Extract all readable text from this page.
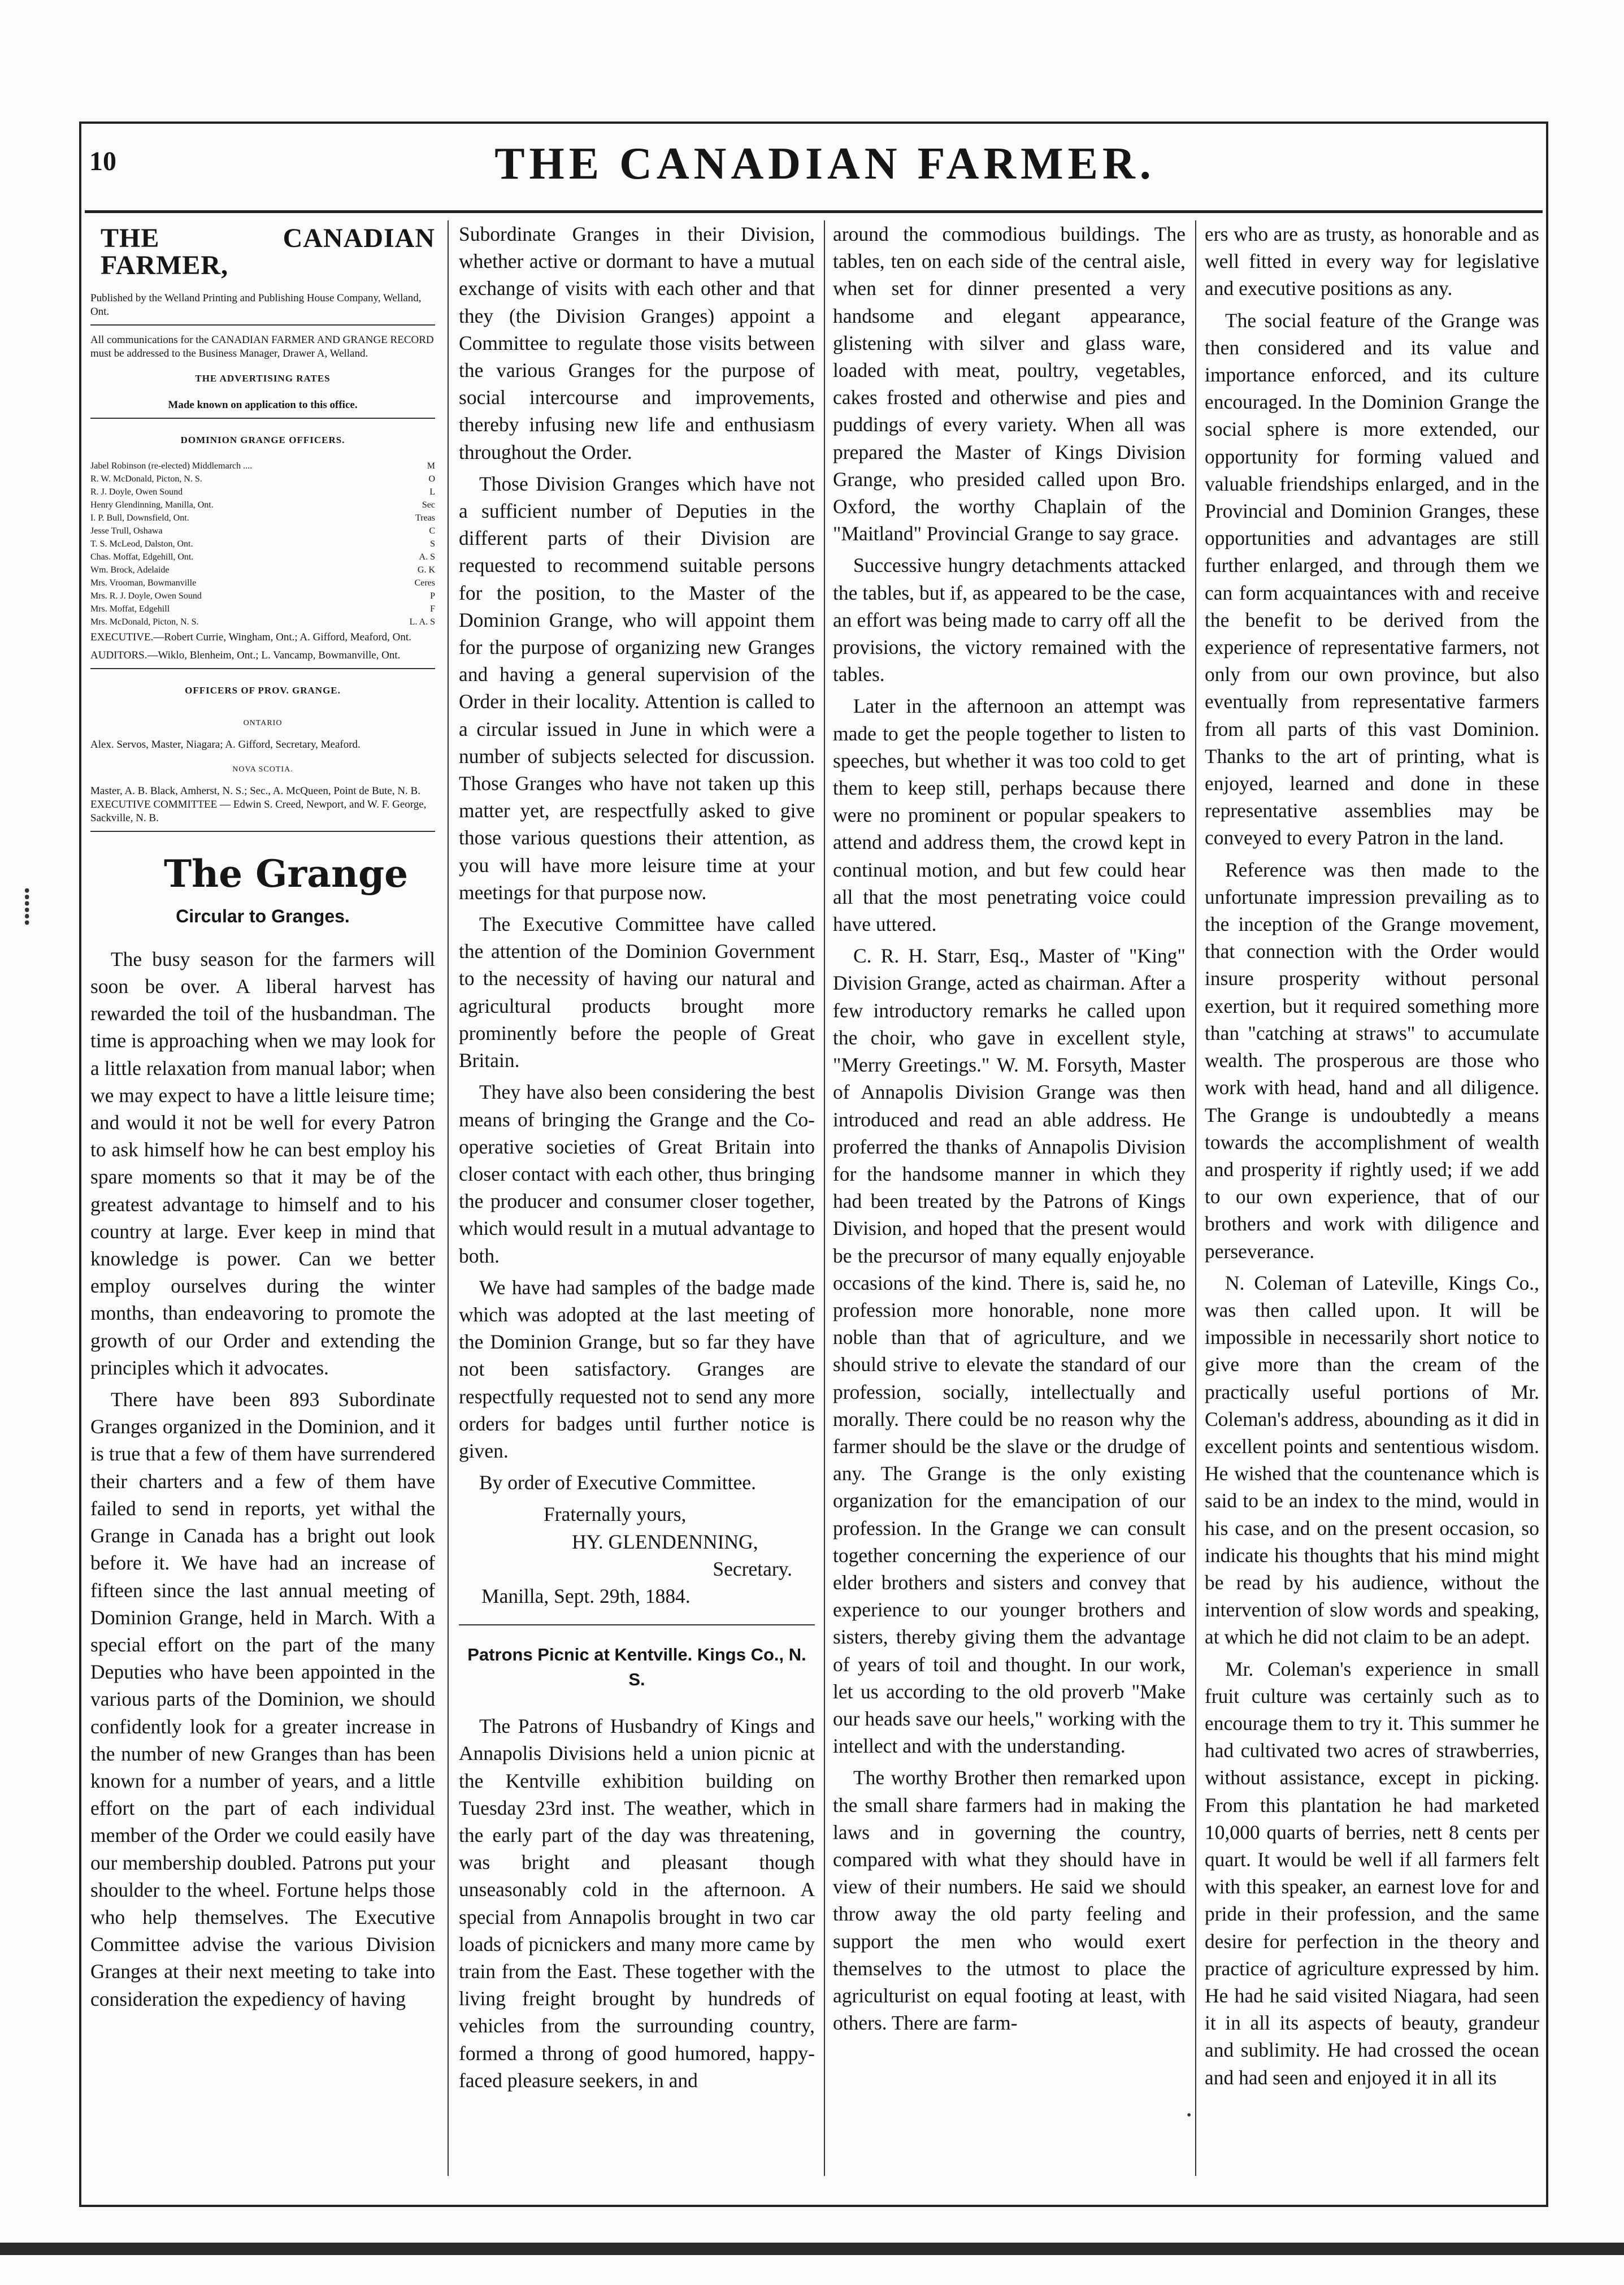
10	THE CANADIAN FARMER.
THE CANADIAN FARMER,

Published by the Welland Printing and Publishing House Company, Welland, Ont.

All communications for the CANADIAN FARMER AND GRANGE RECORD must be addressed to the Business Manager, Drawer A, Welland.

THE ADVERTISING RATES

Made known on application to this office.

DOMINION GRANGE OFFICERS.
Jabel Robinson (re-elected) Middlemarch ....	M
R. W. McDonald, Picton, N. S.	O
R. J. Doyle, Owen Sound	L
Henry Glendinning, Manilla, Ont.	Sec
I. P. Bull, Downsfield, Ont.	Treas
Jesse Trull, Oshawa	C
T. S. McLeod, Dalston, Ont.	S
Chas. Moffat, Edgehill, Ont.	A. S
Wm. Brock, Adelaide	G. K
Mrs. Vrooman, Bowmanville	Ceres
Mrs. R. J. Doyle, Owen Sound	P
Mrs. Moffat, Edgehill	F
Mrs. McDonald, Picton, N. S.	L. A. S

EXECUTIVE.—Robert Currie, Wingham, Ont.; A. Gifford, Meaford, Ont.

AUDITORS.—Wiklo, Blenheim, Ont.; L. Vancamp, Bowmanville, Ont.

OFFICERS OF PROV. GRANGE.
ONTARIO

Alex. Servos, Master, Niagara; A. Gifford, Secretary, Meaford.

NOVA SCOTIA.

Master, A. B. Black, Amherst, N. S.; Sec., A. McQueen, Point de Bute, N. B. EXECUTIVE COMMITTEE — Edwin S. Creed, Newport, and W. F. George, Sackville, N. B.

The Grange
Circular to Granges.

The busy season for the farmers will soon be over. A liberal harvest has rewarded the toil of the husbandman. The time is approaching when we may look for a little relaxation from manual labor; when we may expect to have a little leisure time; and would it not be well for every Patron to ask himself how he can best employ his spare moments so that it may be of the greatest advantage to himself and to his country at large. Ever keep in mind that knowledge is power. Can we better employ ourselves during the winter months, than endeavoring to promote the growth of our Order and extending the principles which it advocates.

There have been 893 Subordinate Granges organized in the Dominion, and it is true that a few of them have surrendered their charters and a few of them have failed to send in reports, yet withal the Grange in Canada has a bright out look before it. We have had an increase of fifteen since the last annual meeting of Dominion Grange, held in March. With a special effort on the part of the many Deputies who have been appointed in the various parts of the Dominion, we should confidently look for a greater increase in the number of new Granges than has been known for a number of years, and a little effort on the part of each individual member of the Order we could easily have our membership doubled. Patrons put your shoulder to the wheel. Fortune helps those who help themselves. The Executive Committee advise the various Division Granges at their next meeting to take into consideration the expediency of having

Subordinate Granges in their Division, whether active or dormant to have a mutual exchange of visits with each other and that they (the Division Granges) appoint a Committee to regulate those visits between the various Granges for the purpose of social intercourse and improvements, thereby infusing new life and enthusiasm throughout the Order.

Those Division Granges which have not a sufficient number of Deputies in the different parts of their Division are requested to recommend suitable persons for the position, to the Master of the Dominion Grange, who will appoint them for the purpose of organizing new Granges and having a general supervision of the Order in their locality. Attention is called to a circular issued in June in which were a number of subjects selected for discussion. Those Granges who have not taken up this matter yet, are respectfully asked to give those various questions their attention, as you will have more leisure time at your meetings for that purpose now.

The Executive Committee have called the attention of the Dominion Government to the necessity of having our natural and agricultural products brought more prominently before the people of Great Britain.

They have also been considering the best means of bringing the Grange and the Co-operative societies of Great Britain into closer contact with each other, thus bringing the producer and consumer closer together, which would result in a mutual advantage to both.

We have had samples of the badge made which was adopted at the last meeting of the Dominion Grange, but so far they have not been satisfactory. Granges are respectfully requested not to send any more orders for badges until further notice is given.

By order of Executive Committee.

Fraternally yours,

HY. GLENDENNING,

Secretary.

Manilla, Sept. 29th, 1884.

Patrons Picnic at Kentville. Kings Co., N. S.

The Patrons of Husbandry of Kings and Annapolis Divisions held a union picnic at the Kentville exhibition building on Tuesday 23rd inst. The weather, which in the early part of the day was threatening, was bright and pleasant though unseasonably cold in the afternoon. A special from Annapolis brought in two car loads of picnickers and many more came by train from the East. These together with the living freight brought by hundreds of vehicles from the surrounding country, formed a throng of good humored, happy-faced pleasure seekers, in and

around the commodious buildings. The tables, ten on each side of the central aisle, when set for dinner presented a very handsome and elegant appearance, glistening with silver and glass ware, loaded with meat, poultry, vegetables, cakes frosted and otherwise and pies and puddings of every variety. When all was prepared the Master of Kings Division Grange, who presided called upon Bro. Oxford, the worthy Chaplain of the "Maitland" Provincial Grange to say grace.

Successive hungry detachments attacked the tables, but if, as appeared to be the case, an effort was being made to carry off all the provisions, the victory remained with the tables.

Later in the afternoon an attempt was made to get the people together to listen to speeches, but whether it was too cold to get them to keep still, perhaps because there were no prominent or popular speakers to attend and address them, the crowd kept in continual motion, and but few could hear all that the most penetrating voice could have uttered.

C. R. H. Starr, Esq., Master of "King" Division Grange, acted as chairman. After a few introductory remarks he called upon the choir, who gave in excellent style, "Merry Greetings." W. M. Forsyth, Master of Annapolis Division Grange was then introduced and read an able address. He proferred the thanks of Annapolis Division for the handsome manner in which they had been treated by the Patrons of Kings Division, and hoped that the present would be the precursor of many equally enjoyable occasions of the kind. There is, said he, no profession more honorable, none more noble than that of agriculture, and we should strive to elevate the standard of our profession, socially, intellectually and morally. There could be no reason why the farmer should be the slave or the drudge of any. The Grange is the only existing organization for the emancipation of our profession. In the Grange we can consult together concerning the experience of our elder brothers and sisters and convey that experience to our younger brothers and sisters, thereby giving them the advantage of years of toil and thought. In our work, let us according to the old proverb "Make our heads save our heels," working with the intellect and with the understanding.

The worthy Brother then remarked upon the small share farmers had in making the laws and in governing the country, compared with what they should have in view of their numbers. He said we should throw away the old party feeling and support the men who would exert themselves to the utmost to place the agriculturist on equal footing at least, with others. There are farm-

ers who are as trusty, as honorable and as well fitted in every way for legislative and executive positions as any.

The social feature of the Grange was then considered and its value and importance enforced, and its culture encouraged. In the Dominion Grange the social sphere is more extended, our opportunity for forming valued and valuable friendships enlarged, and in the Provincial and Dominion Granges, these opportunities and advantages are still further enlarged, and through them we can form acquaintances with and receive the benefit to be derived from the experience of representative farmers, not only from our own province, but also eventually from representative farmers from all parts of this vast Dominion. Thanks to the art of printing, what is enjoyed, learned and done in these representative assemblies may be conveyed to every Patron in the land.

Reference was then made to the unfortunate impression prevailing as to the inception of the Grange movement, that connection with the Order would insure prosperity without personal exertion, but it required something more than "catching at straws" to accumulate wealth. The prosperous are those who work with head, hand and all diligence. The Grange is undoubtedly a means towards the accomplishment of wealth and prosperity if rightly used; if we add to our own experience, that of our brothers and work with diligence and perseverance.

N. Coleman of Lateville, Kings Co., was then called upon. It will be impossible in necessarily short notice to give more than the cream of the practically useful portions of Mr. Coleman's address, abounding as it did in excellent points and sententious wisdom. He wished that the countenance which is said to be an index to the mind, would in his case, and on the present occasion, so indicate his thoughts that his mind might be read by his audience, without the intervention of slow words and speaking, at which he did not claim to be an adept.

Mr. Coleman's experience in small fruit culture was certainly such as to encourage them to try it. This summer he had cultivated two acres of strawberries, without assistance, except in picking. From this plantation he had marketed 10,000 quarts of berries, nett 8 cents per quart. It would be well if all farmers felt with this speaker, an earnest love for and pride in their profession, and the same desire for perfection in the theory and practice of agriculture expressed by him. He had he said visited Niagara, had seen it in all its aspects of beauty, grandeur and sublimity. He had crossed the ocean and had seen and enjoyed it in all its

⸽
•
